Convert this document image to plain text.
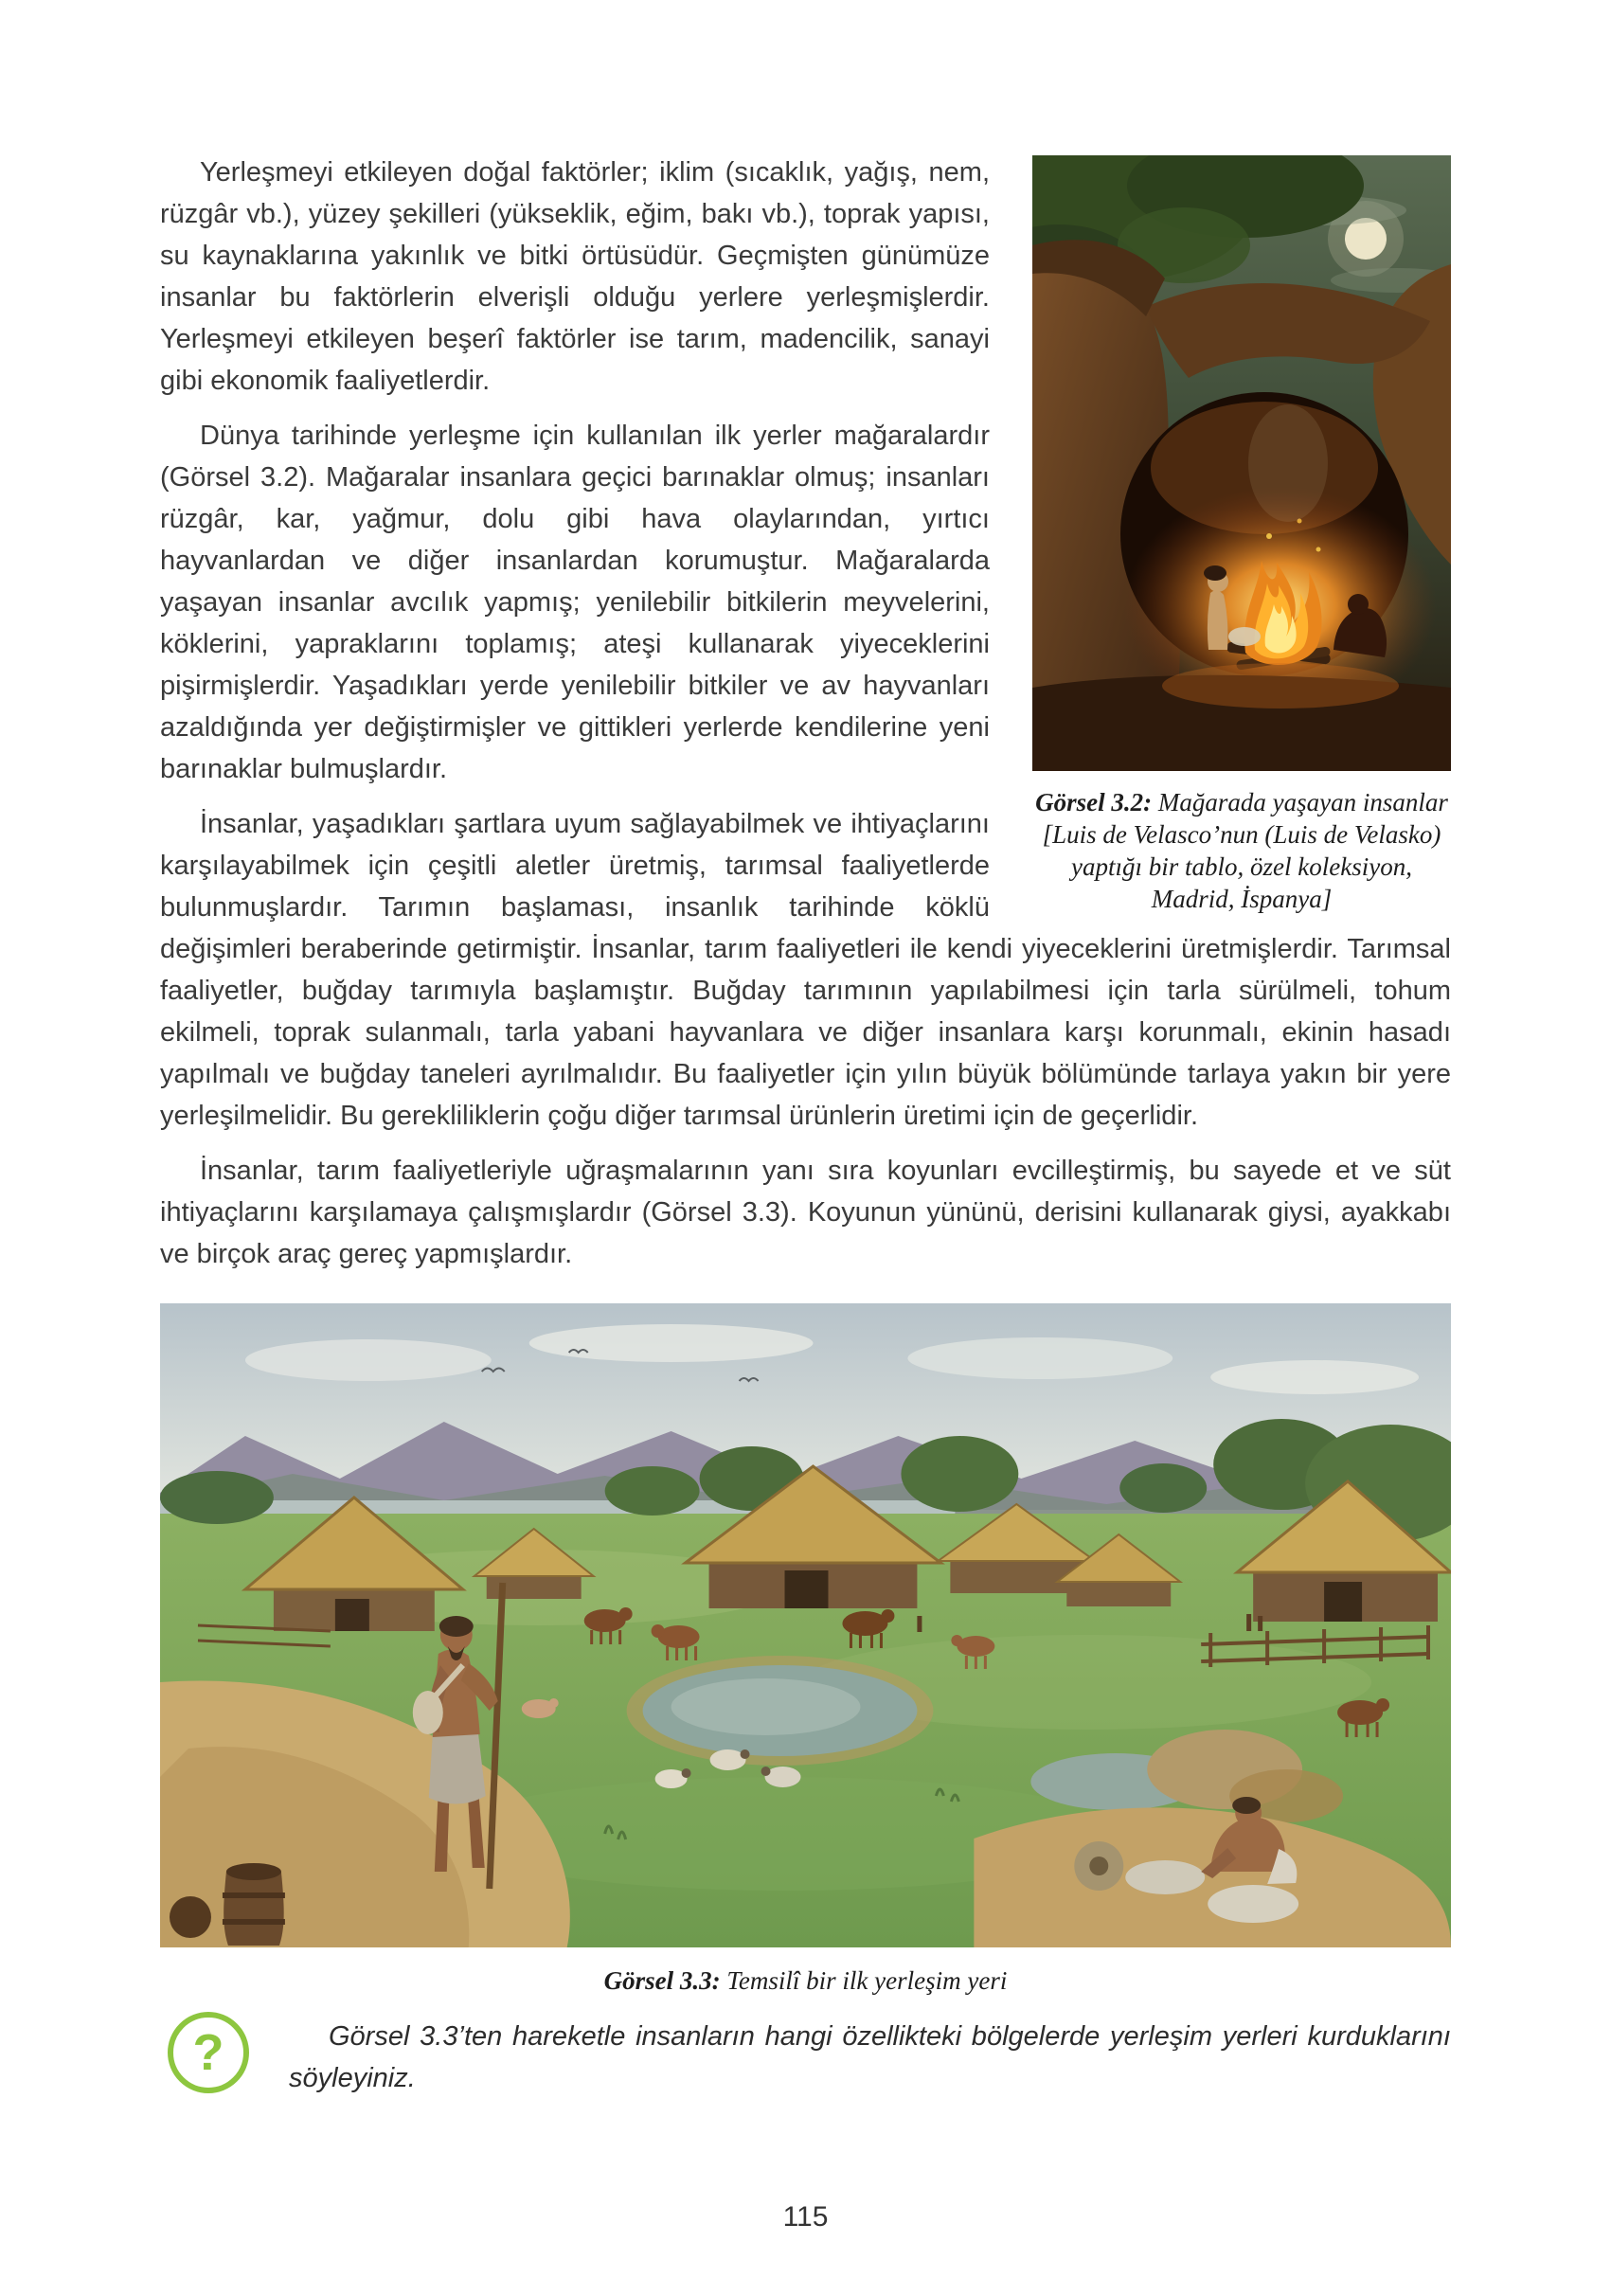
Görsel 3.2: Mağarada yaşayan insanlar [Luis de Velasco’nun (Luis de Velasko) yaptığı bir tablo, özel koleksiyon, Madrid, İspanya]

Yerleşmeyi etkileyen doğal faktörler; iklim (sıcaklık, yağış, nem, rüzgâr vb.), yüzey şekilleri (yükseklik, eğim, bakı vb.), toprak yapısı, su kaynaklarına yakınlık ve bitki örtüsüdür. Geçmişten günümüze insanlar bu faktörlerin elverişli olduğu yerlere yerleşmişlerdir. Yerleşmeyi etkileyen beşerî faktörler ise tarım, madencilik, sanayi gibi ekonomik faaliyetlerdir.

Dünya tarihinde yerleşme için kullanılan ilk yerler mağaralardır (Görsel 3.2). Mağaralar insanlara geçici barınaklar olmuş; insanları rüzgâr, kar, yağmur, dolu gibi hava olaylarından, yırtıcı hayvanlardan ve diğer insanlardan korumuştur. Mağaralarda yaşayan insanlar avcılık yapmış; yenilebilir bitkilerin meyvelerini, köklerini, yapraklarını toplamış; ateşi kullanarak yiyeceklerini pişirmişlerdir. Yaşadıkları yerde yenilebilir bitkiler ve av hayvanları azaldığında yer değiştirmişler ve gittikleri yerlerde kendilerine yeni barınaklar bulmuşlardır.

İnsanlar, yaşadıkları şartlara uyum sağlayabilmek ve ihtiyaçlarını karşılayabilmek için çeşitli aletler üretmiş, tarımsal faaliyetlerde bulunmuşlardır. Tarımın başlaması, insanlık tarihinde köklü değişimleri beraberinde getirmiştir. İnsanlar, tarım faaliyetleri ile kendi yiyeceklerini üretmişlerdir. Tarımsal faaliyetler, buğday tarımıyla başlamıştır. Buğday tarımının yapılabilmesi için tarla sürülmeli, tohum ekilmeli, toprak sulanmalı, tarla yabani hayvanlara ve diğer insanlara karşı korunmalı, ekinin hasadı yapılmalı ve buğday taneleri ayrılmalıdır. Bu faaliyetler için yılın büyük bölümünde tarlaya yakın bir yere yerleşilmelidir. Bu gerekliliklerin çoğu diğer tarımsal ürünlerin üretimi için de geçerlidir.

İnsanlar, tarım faaliyetleriyle uğraşmalarının yanı sıra koyunları evcilleştirmiş, bu sayede et ve süt ihtiyaçlarını karşılamaya çalışmışlardır (Görsel 3.3). Koyunun yününü, derisini kullanarak giysi, ayakkabı ve birçok araç gereç yapmışlardır.

Görsel 3.3: Temsilî bir ilk yerleşim yeri
?	Görsel 3.3’ten hareketle insanların hangi özellikteki bölgelerde yerleşim yerleri kurduklarını söyleyiniz.

115
